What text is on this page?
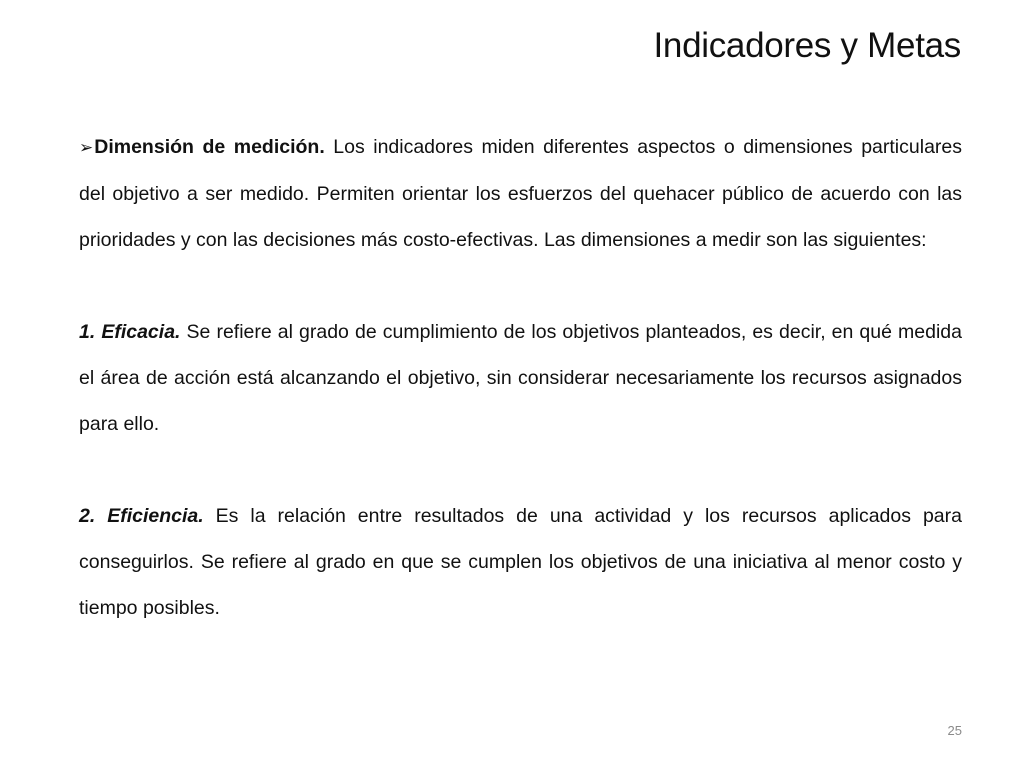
Indicadores y Metas

➢Dimensión de medición. Los indicadores miden diferentes aspectos o dimensiones particulares del objetivo a ser medido. Permiten orientar los esfuerzos del quehacer público de acuerdo con las prioridades y con las decisiones más costo-efectivas. Las dimensiones a medir son las siguientes:

1. Eficacia. Se refiere al grado de cumplimiento de los objetivos planteados, es decir, en qué medida el área de acción está alcanzando el objetivo, sin considerar necesariamente los recursos asignados para ello.

2. Eficiencia. Es la relación entre resultados de una actividad y los recursos aplicados para conseguirlos. Se refiere al grado en que se cumplen los objetivos de una iniciativa al menor costo y tiempo posibles.

25
